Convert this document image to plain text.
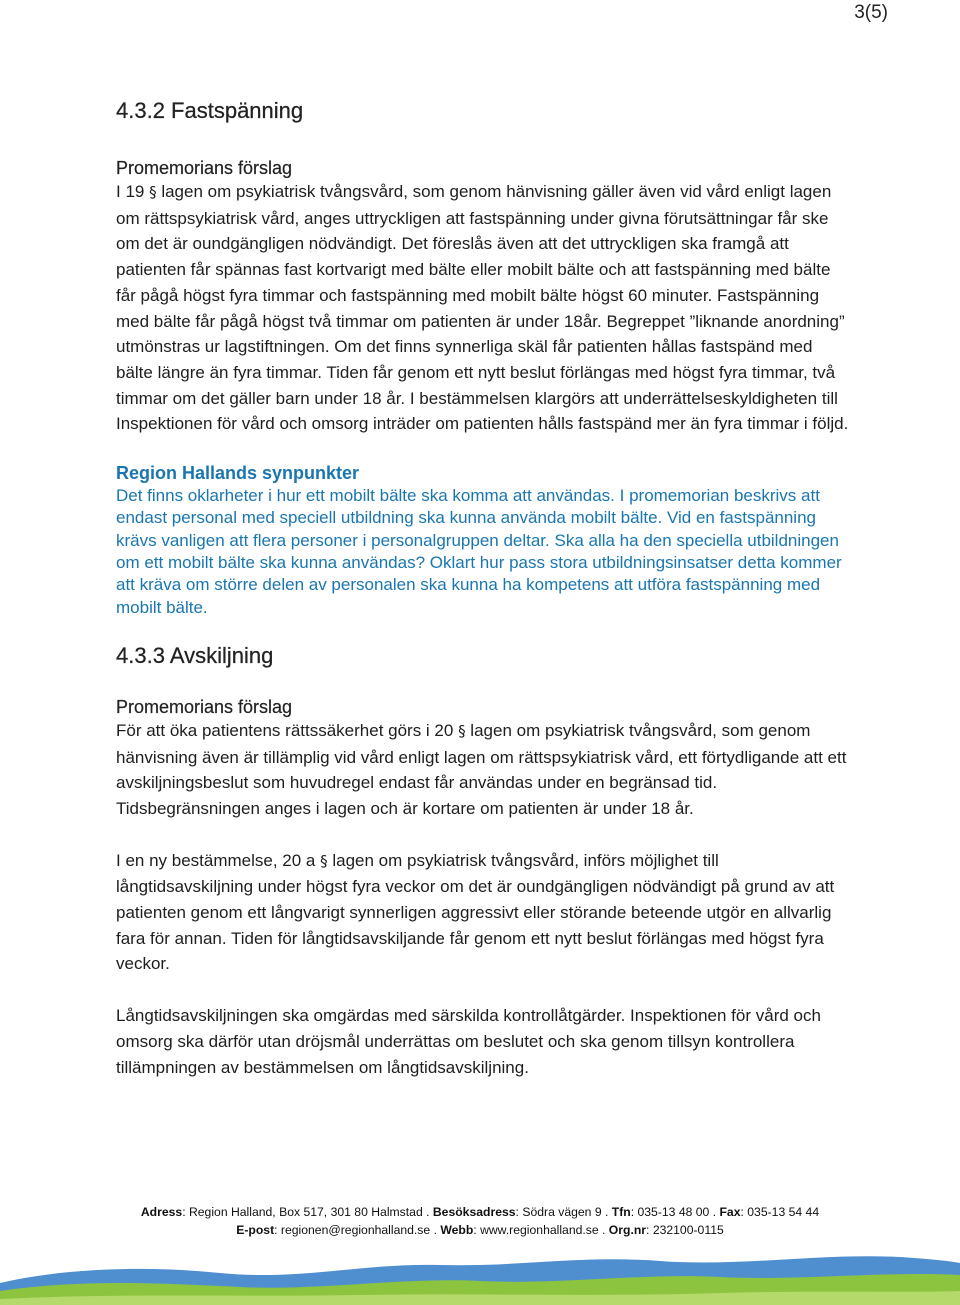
3(5)
4.3.2 Fastspänning
Promemorians förslag

I 19 § lagen om psykiatrisk tvångsvård, som genom hänvisning gäller även vid vård enligt lagen om rättspsykiatrisk vård, anges uttryckligen att fastspänning under givna förutsättningar får ske om det är oundgängligen nödvändigt. Det föreslås även att det uttryckligen ska framgå att patienten får spännas fast kortvarigt med bälte eller mobilt bälte och att fastspänning med bälte får pågå högst fyra timmar och fastspänning med mobilt bälte högst 60 minuter. Fastspänning med bälte får pågå högst två timmar om patienten är under 18år. Begreppet ”liknande anordning” utmönstras ur lagstiftningen. Om det finns synnerliga skäl får patienten hållas fastspänd med bälte längre än fyra timmar. Tiden får genom ett nytt beslut förlängas med högst fyra timmar, två timmar om det gäller barn under 18 år. I bestämmelsen klargörs att underrättelseskyldigheten till Inspektionen för vård och omsorg inträder om patienten hålls fastspänd mer än fyra timmar i följd.

Region Hallands synpunkter

Det finns oklarheter i hur ett mobilt bälte ska komma att användas. I promemorian beskrivs att endast personal med speciell utbildning ska kunna använda mobilt bälte. Vid en fastspänning krävs vanligen att flera personer i personalgruppen deltar. Ska alla ha den speciella utbildningen om ett mobilt bälte ska kunna användas? Oklart hur pass stora utbildningsinsatser detta kommer att kräva om större delen av personalen ska kunna ha kompetens att utföra fastspänning med mobilt bälte.

4.3.3 Avskiljning
Promemorians förslag

För att öka patientens rättssäkerhet görs i 20 § lagen om psykiatrisk tvångsvård, som genom hänvisning även är tillämplig vid vård enligt lagen om rättspsykiatrisk vård, ett förtydligande att ett avskiljningsbeslut som huvudregel endast får användas under en begränsad tid. Tidsbegränsningen anges i lagen och är kortare om patienten är under 18 år.

I en ny bestämmelse, 20 a § lagen om psykiatrisk tvångsvård, införs möjlighet till långtidsavskiljning under högst fyra veckor om det är oundgängligen nödvändigt på grund av att patienten genom ett långvarigt synnerligen aggressivt eller störande beteende utgör en allvarlig fara för annan. Tiden för långtidsavskiljande får genom ett nytt beslut förlängas med högst fyra veckor.

Långtidsavskiljningen ska omgärdas med särskilda kontrollåtgärder. Inspektionen för vård och omsorg ska därför utan dröjsmål underrättas om beslutet och ska genom tillsyn kontrollera tillämpningen av bestämmelsen om långtidsavskiljning.

Adress: Region Halland, Box 517, 301 80 Halmstad . Besöksadress: Södra vägen 9 . Tfn: 035-13 48 00 . Fax: 035-13 54 44
E-post: regionen@regionhalland.se . Webb: www.regionhalland.se . Org.nr: 232100-0115
